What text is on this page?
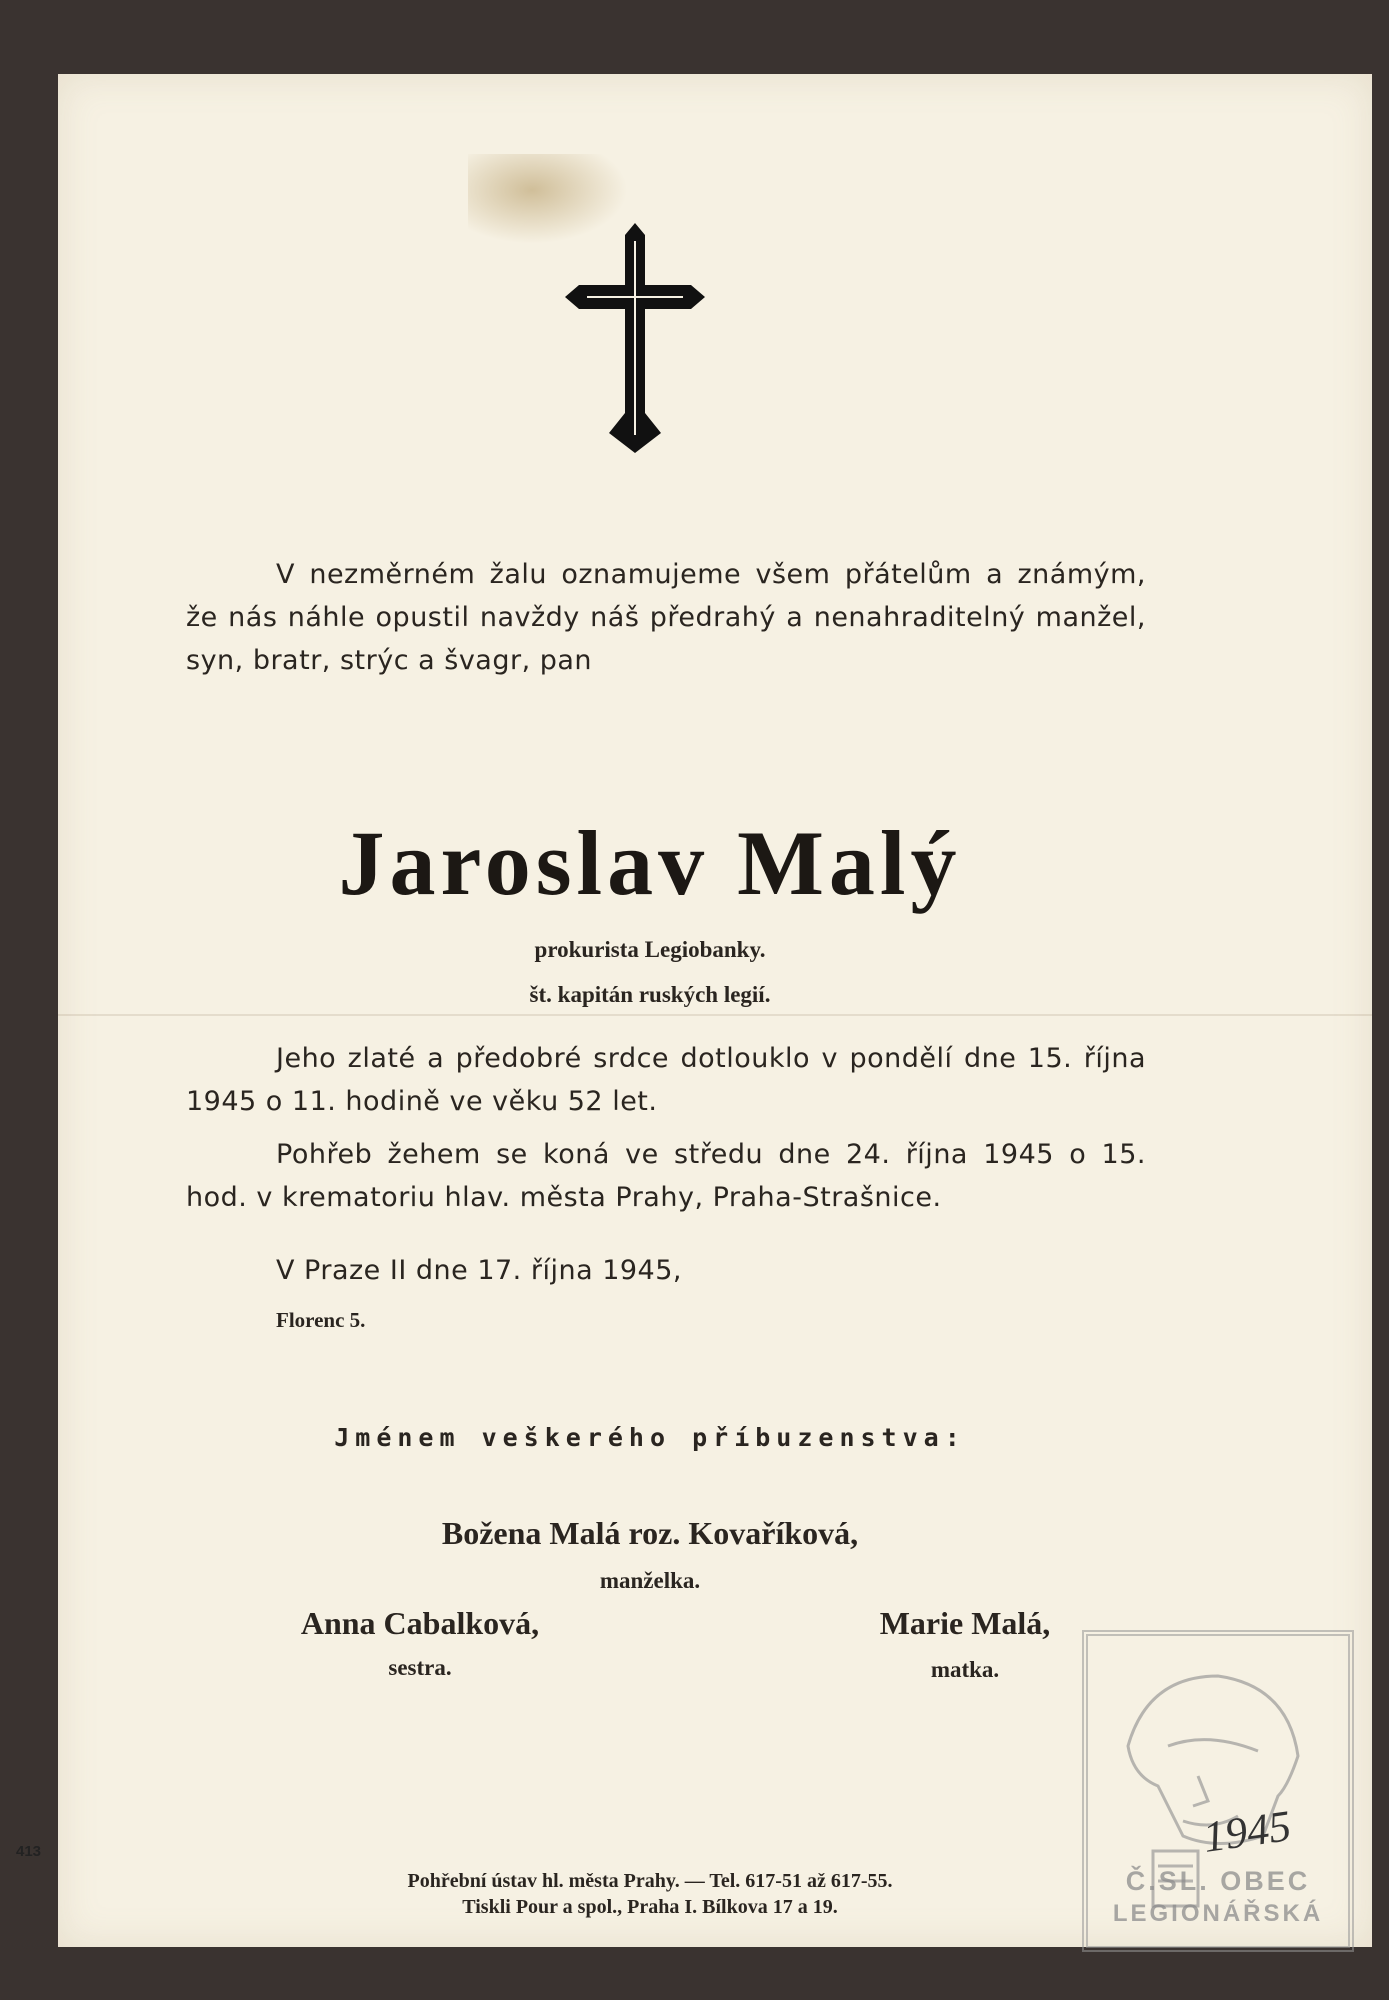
V nezměrném žalu oznamujeme všem přátelům a známým, že nás náhle opustil navždy náš předrahý a nenahraditelný manžel, syn, bratr, strýc a švagr, pan

Jaroslav Malý
prokurista Legiobanky.
št. kapitán ruských legií.

Jeho zlaté a předobré srdce dotlouklo v pondělí dne 15. října 1945 o 11. hodině ve věku 52 let.

Pohřeb žehem se koná ve středu dne 24. října 1945 o 15. hod. v krematoriu hlav. města Prahy, Praha-Strašnice.

V Praze II dne 17. října 1945,
Florenc 5.
Jménem veškerého příbuzenstva:
Božena Malá roz. Kovaříková,
manželka.
Anna Cabalková,
sestra.
Marie Malá,
matka.
Pohřební ústav hl. města Prahy. — Tel. 617-51 až 617-55.
Tiskli Pour a spol., Praha I. Bílkova 17 a 19.
413	1945
Č.SL. OBEC
LEGIONÁŘSKÁ
